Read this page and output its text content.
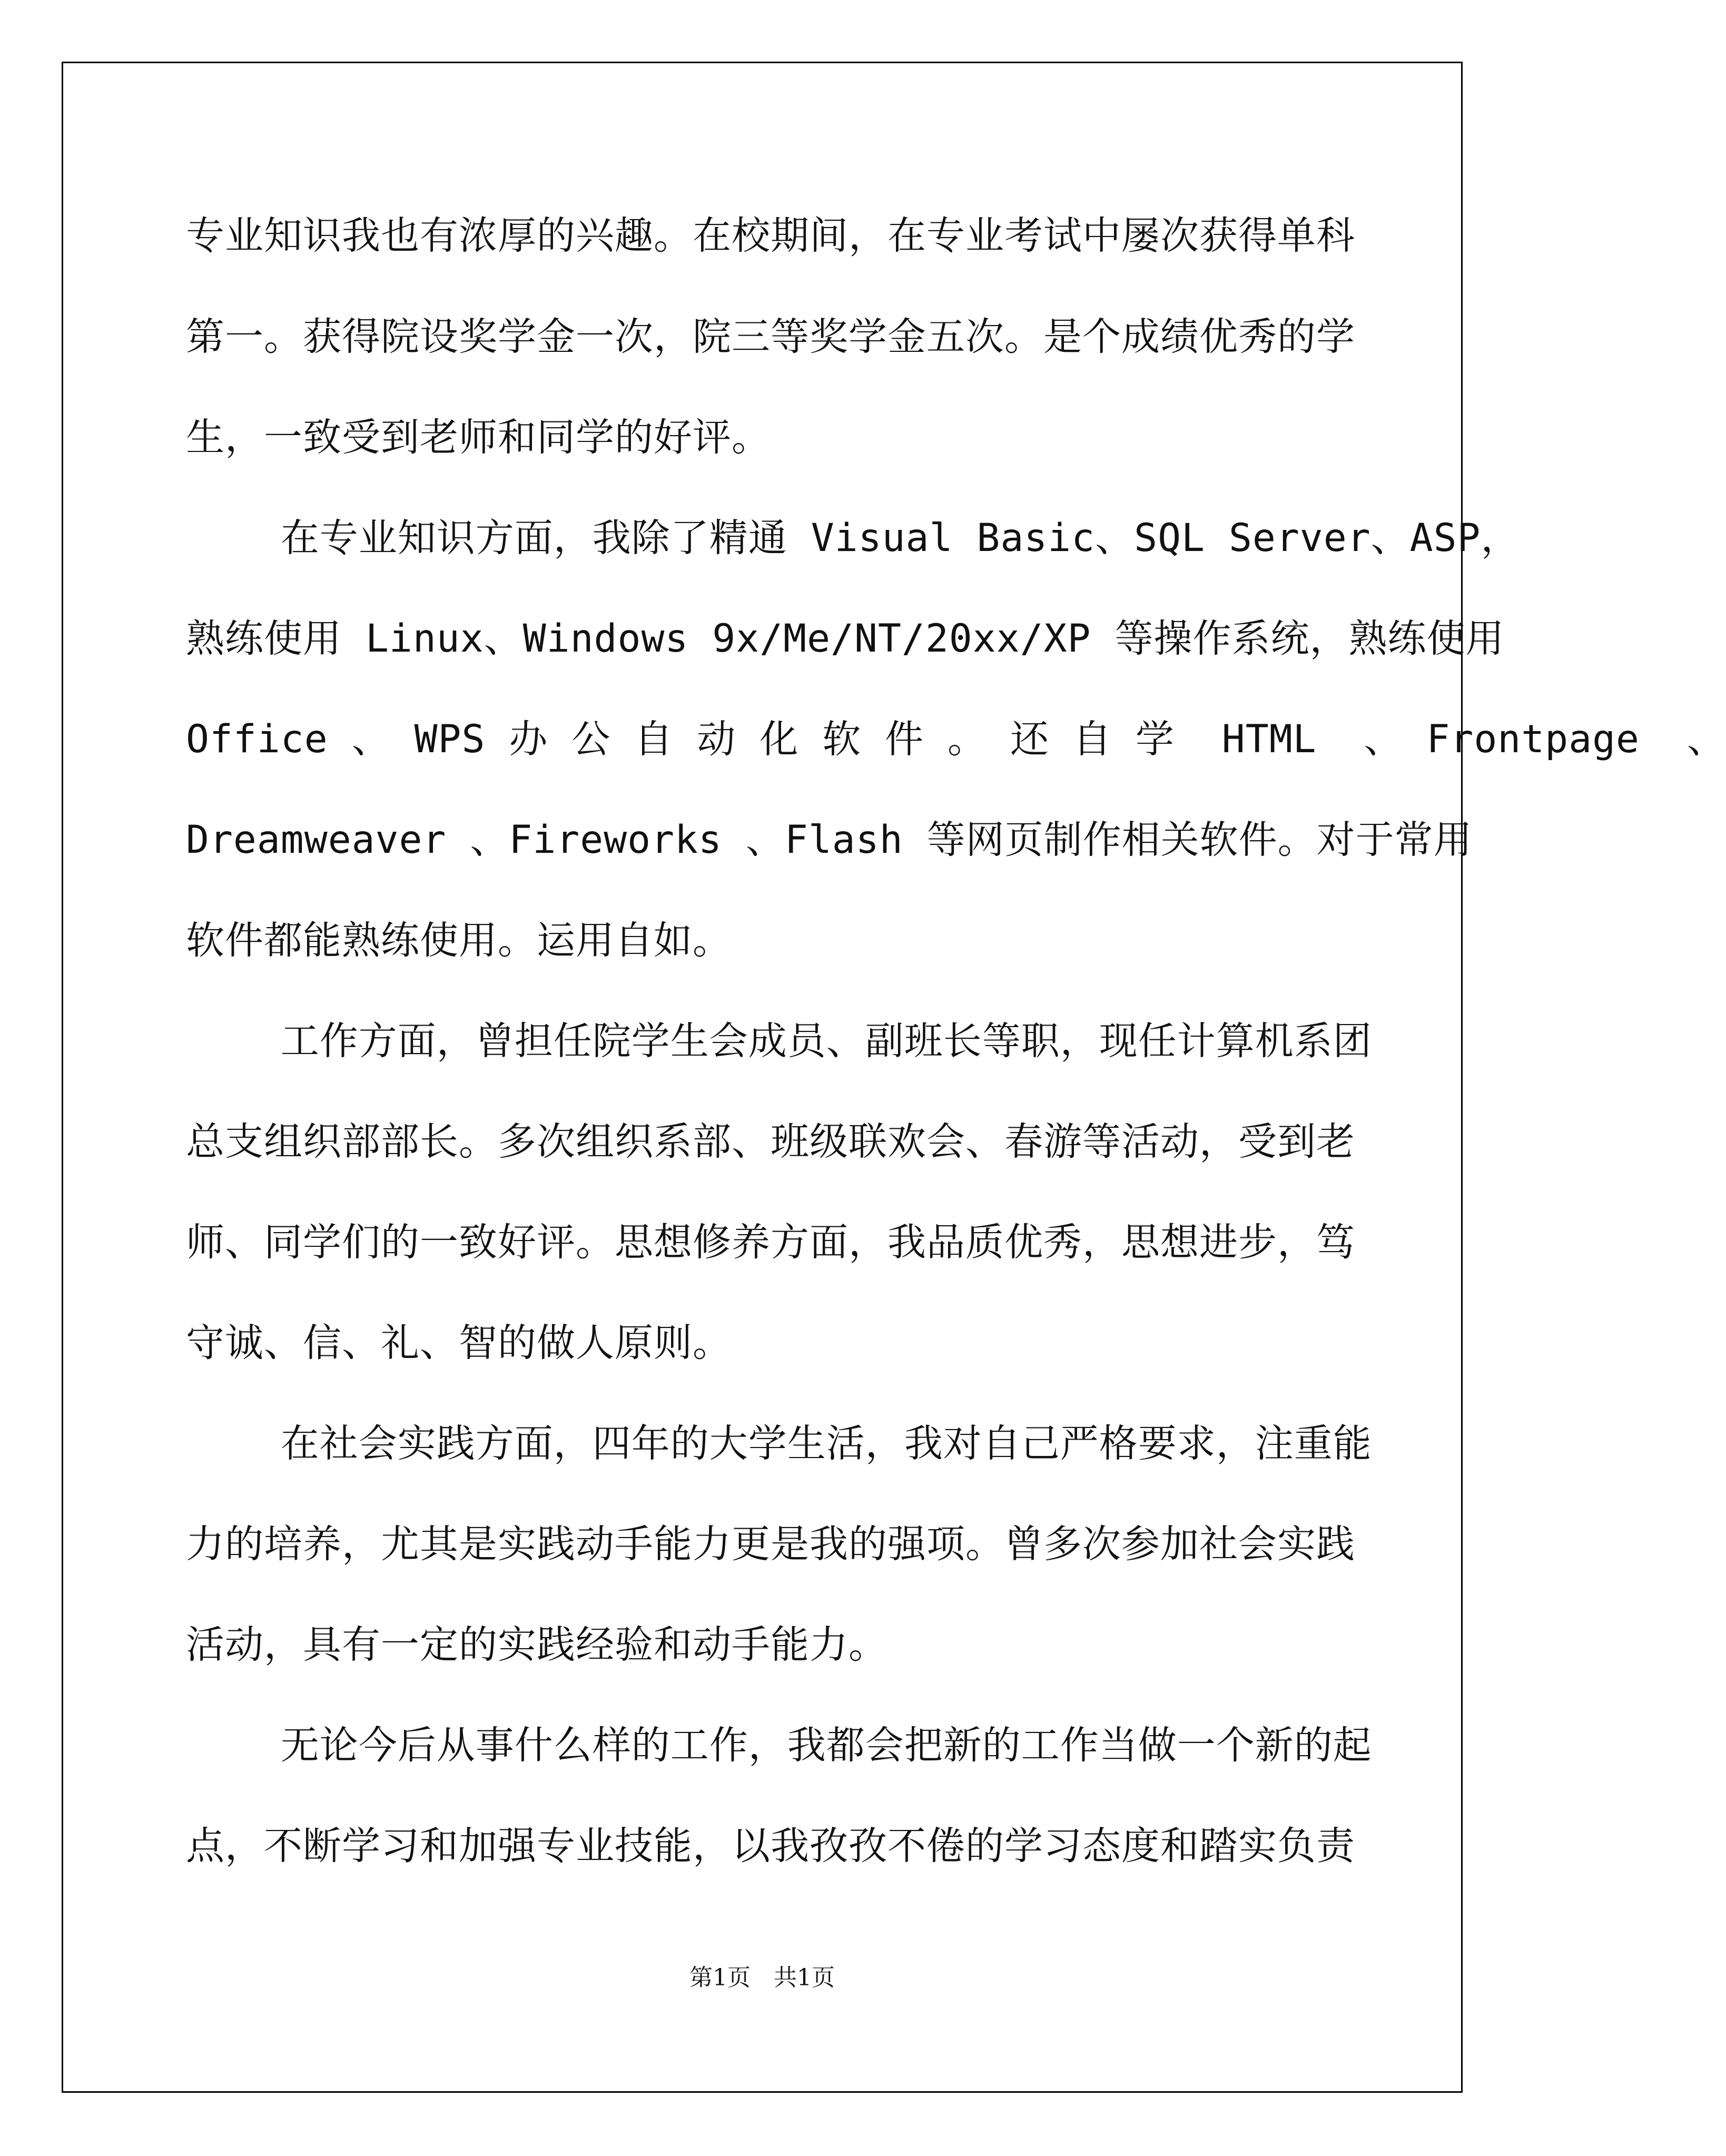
专业知识我也有浓厚的兴趣。在校期间，在专业考试中屡次获得单科
第一。获得院设奖学金一次，院三等奖学金五次。是个成绩优秀的学
生，一致受到老师和同学的好评。
在专业知识方面，我除了精通 Visual Basic、SQL Server、ASP，
熟练使用 Linux、Windows 9x/Me/NT/20xx/XP 等操作系统，熟练使用
Office 、 WPS 办 公 自 动 化 软 件 。 还 自 学  HTML  、 Frontpage  、
Dreamweaver 、Fireworks 、Flash 等网页制作相关软件。对于常用
软件都能熟练使用。运用自如。
工作方面，曾担任院学生会成员、副班长等职，现任计算机系团
总支组织部部长。多次组织系部、班级联欢会、春游等活动，受到老
师、同学们的一致好评。思想修养方面，我品质优秀，思想进步，笃
守诚、信、礼、智的做人原则。
在社会实践方面，四年的大学生活，我对自己严格要求，注重能
力的培养，尤其是实践动手能力更是我的强项。曾多次参加社会实践
活动，具有一定的实践经验和动手能力。
无论今后从事什么样的工作，我都会把新的工作当做一个新的起
点，不断学习和加强专业技能，以我孜孜不倦的学习态度和踏实负责
第1页　共1页
